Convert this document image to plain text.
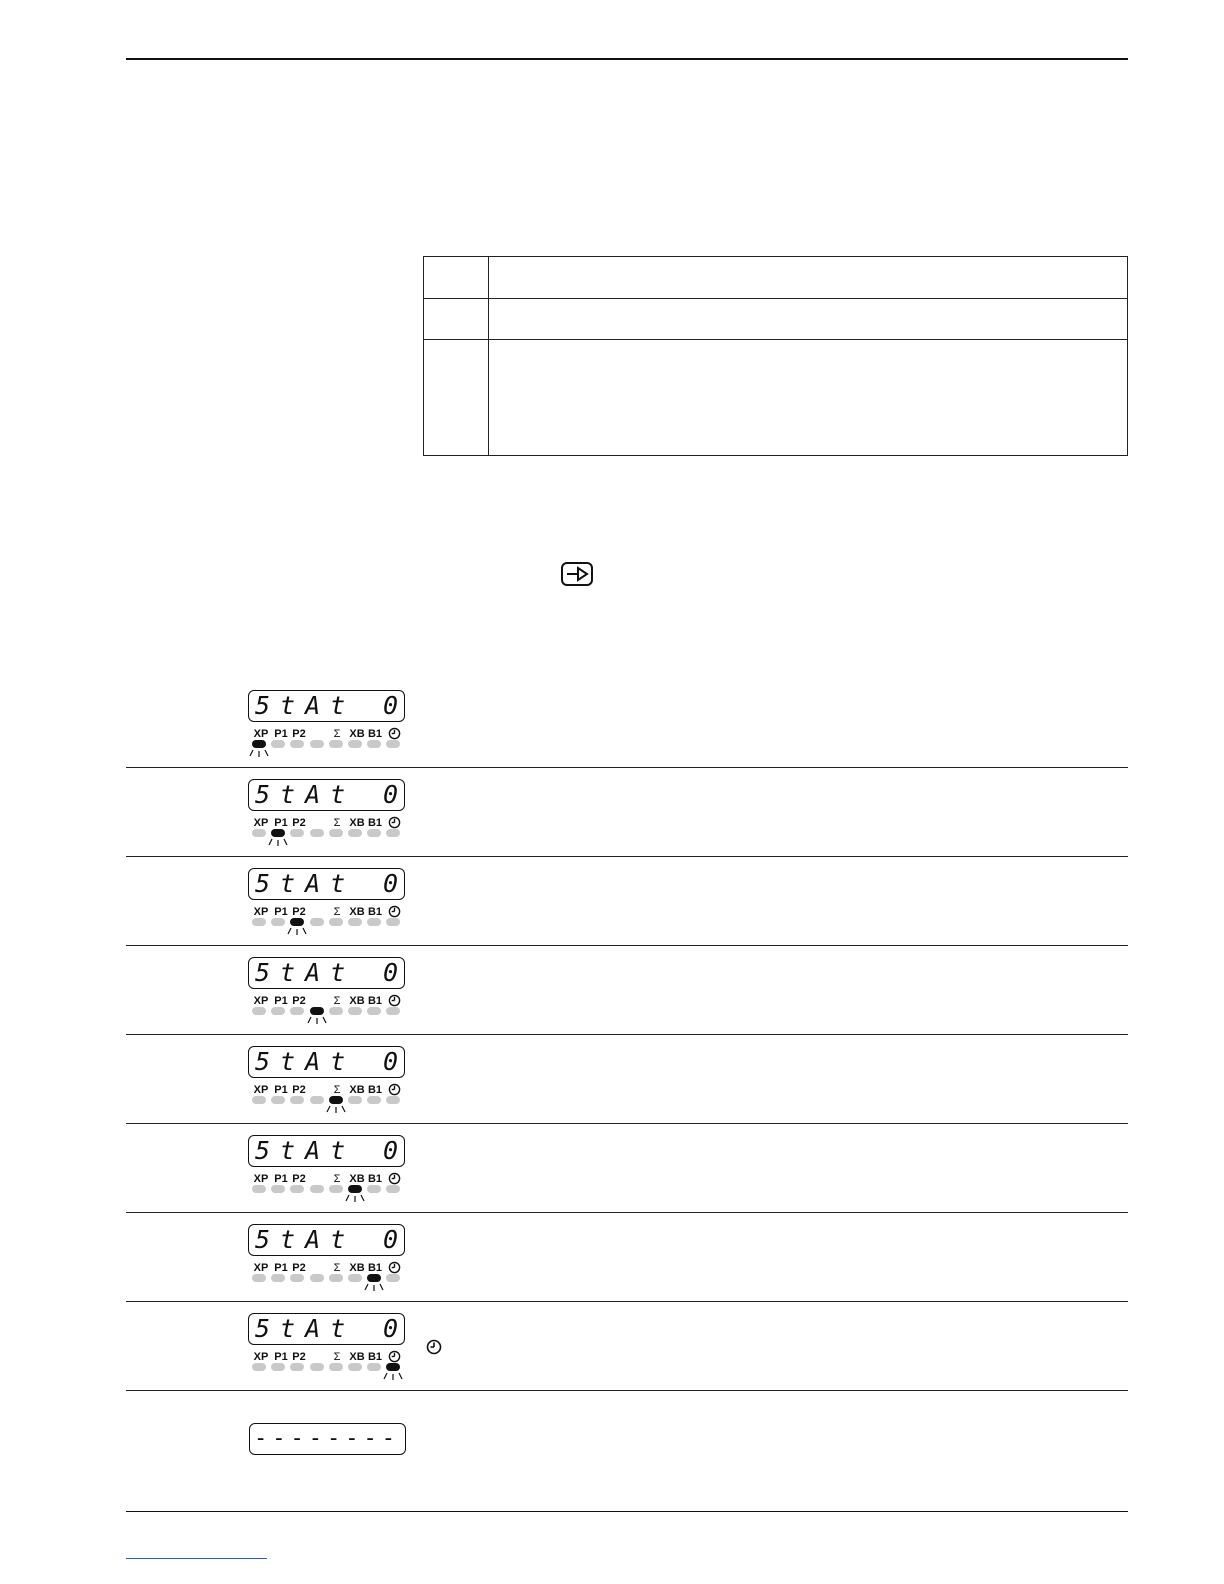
5tAt 0
XP P1 P2	Σ XB B1
5tAt 0
XP P1 P2	Σ XB B1
5tAt 0
XP P1 P2	Σ XB B1
5tAt 0
XP P1 P2	Σ XB B1
5tAt 0
XP P1 P2	Σ XB B1
5tAt 0
XP P1 P2	Σ XB B1
5tAt 0
XP P1 P2	Σ XB B1
5tAt 0
XP P1 P2	Σ XB B1
--------
